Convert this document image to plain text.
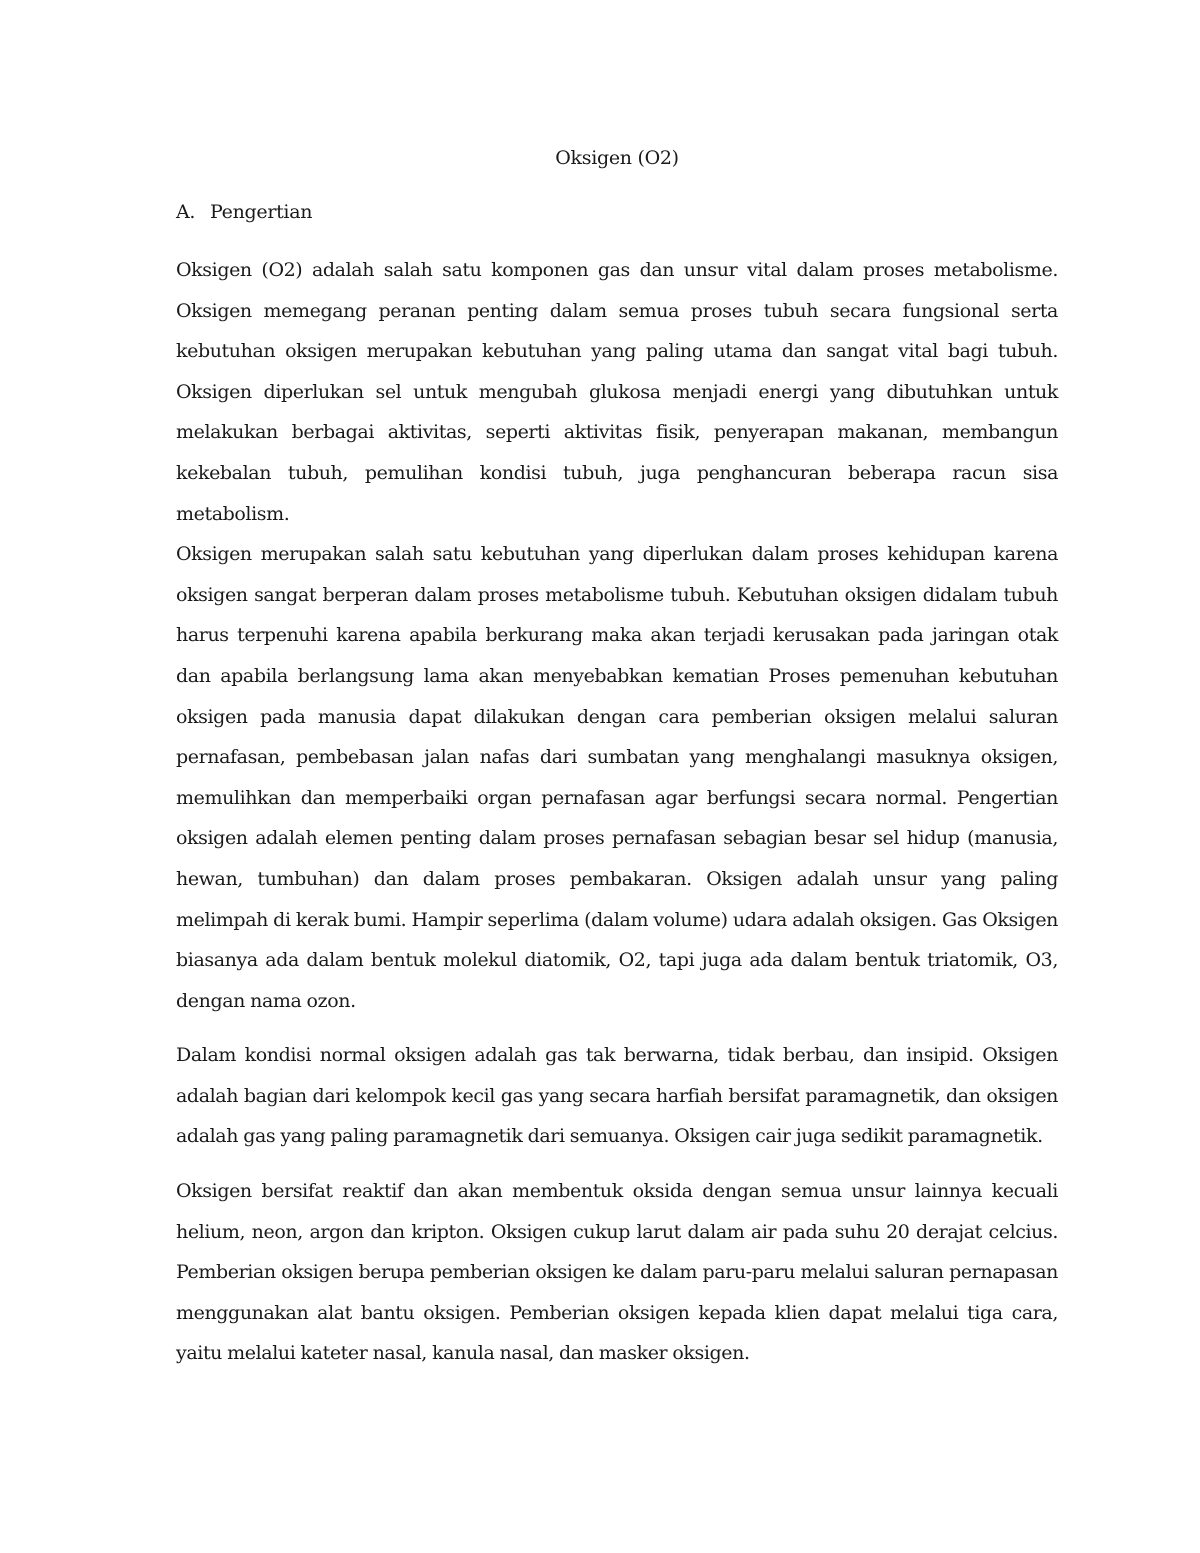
Oksigen (O2)
A. Pengertian

Oksigen (O2) adalah salah satu komponen gas dan unsur vital dalam proses metabolisme. Oksigen memegang peranan penting dalam semua proses tubuh secara fungsional serta kebutuhan oksigen merupakan kebutuhan yang paling utama dan sangat vital bagi tubuh. Oksigen diperlukan sel untuk mengubah glukosa menjadi energi yang dibutuhkan untuk melakukan berbagai aktivitas, seperti aktivitas fisik, penyerapan makanan, membangun kekebalan tubuh, pemulihan kondisi tubuh, juga penghancuran beberapa racun sisa metabolism.

Oksigen merupakan salah satu kebutuhan yang diperlukan dalam proses kehidupan karena oksigen sangat berperan dalam proses metabolisme tubuh. Kebutuhan oksigen didalam tubuh harus terpenuhi karena apabila berkurang maka akan terjadi kerusakan pada jaringan otak dan apabila berlangsung lama akan menyebabkan kematian Proses pemenuhan kebutuhan oksigen pada manusia dapat dilakukan dengan cara pemberian oksigen melalui saluran pernafasan, pembebasan jalan nafas dari sumbatan yang menghalangi masuknya oksigen, memulihkan dan memperbaiki organ pernafasan agar berfungsi secara normal. Pengertian oksigen adalah elemen penting dalam proses pernafasan sebagian besar sel hidup (manusia, hewan, tumbuhan) dan dalam proses pembakaran. Oksigen adalah unsur yang paling melimpah di kerak bumi. Hampir seperlima (dalam volume) udara adalah oksigen. Gas Oksigen biasanya ada dalam bentuk molekul diatomik, O2, tapi juga ada dalam bentuk triatomik, O3, dengan nama ozon.

Dalam kondisi normal oksigen adalah gas tak berwarna, tidak berbau, dan insipid. Oksigen adalah bagian dari kelompok kecil gas yang secara harfiah bersifat paramagnetik, dan oksigen adalah gas yang paling paramagnetik dari semuanya. Oksigen cair juga sedikit paramagnetik.

Oksigen bersifat reaktif dan akan membentuk oksida dengan semua unsur lainnya kecuali helium, neon, argon dan kripton. Oksigen cukup larut dalam air pada suhu 20 derajat celcius. Pemberian oksigen berupa pemberian oksigen ke dalam paru-paru melalui saluran pernapasan menggunakan alat bantu oksigen. Pemberian oksigen kepada klien dapat melalui tiga cara, yaitu melalui kateter nasal, kanula nasal, dan masker oksigen.
